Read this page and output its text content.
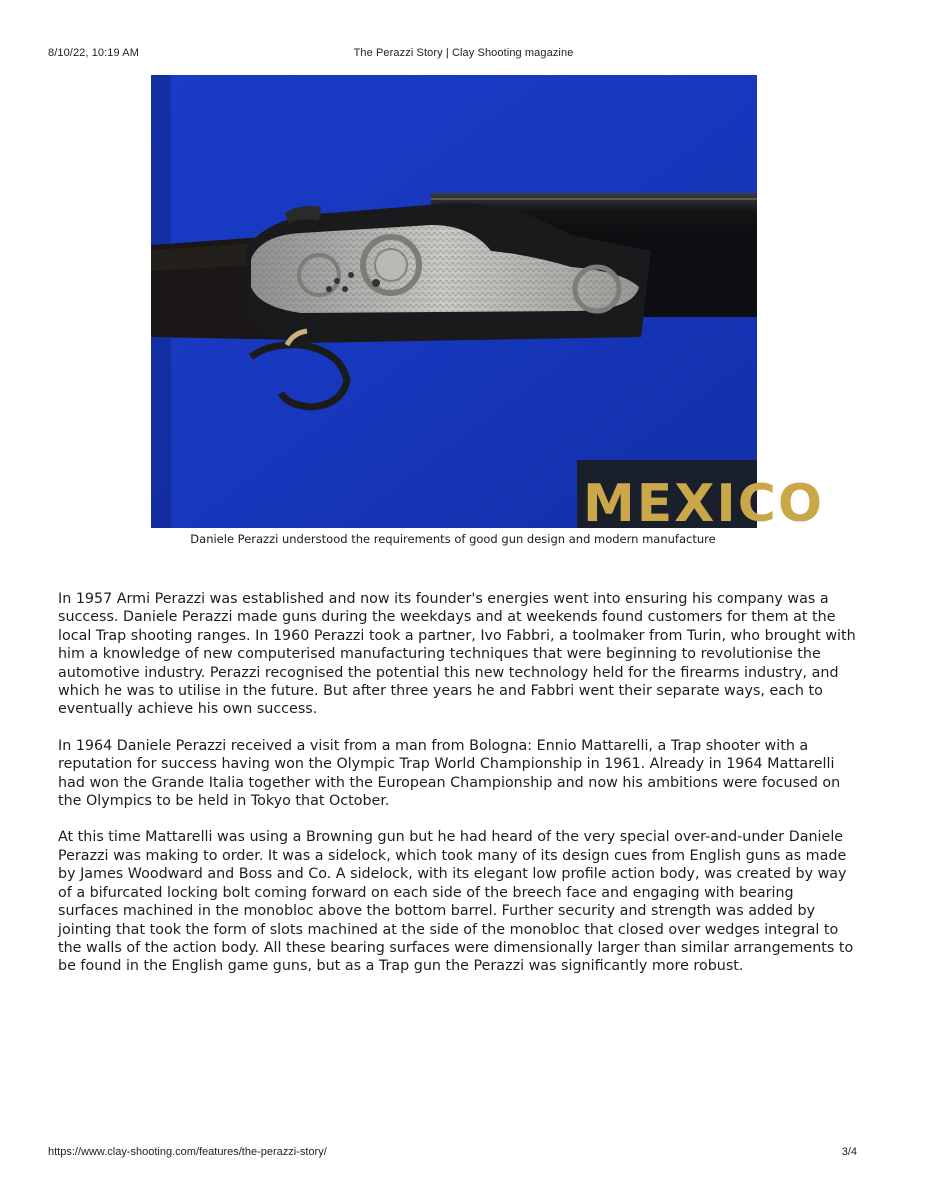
8/10/22, 10:19 AM	The Perazzi Story | Clay Shooting magazine
MEXICO
Daniele Perazzi understood the requirements of good gun design and modern manufacture

In 1957 Armi Perazzi was established and now its founder's energies went into ensuring his company was a success. Daniele Perazzi made guns during the weekdays and at weekends found customers for them at the local Trap shooting ranges. In 1960 Perazzi took a partner, Ivo Fabbri, a toolmaker from Turin, who brought with him a knowledge of new computerised manufacturing techniques that were beginning to revolutionise the automotive industry. Perazzi recognised the potential this new technology held for the firearms industry, and which he was to utilise in the future. But after three years he and Fabbri went their separate ways, each to eventually achieve his own success.

In 1964 Daniele Perazzi received a visit from a man from Bologna: Ennio Mattarelli, a Trap shooter with a reputation for success having won the Olympic Trap World Championship in 1961. Already in 1964 Mattarelli had won the Grande Italia together with the European Championship and now his ambitions were focused on the Olympics to be held in Tokyo that October.

At this time Mattarelli was using a Browning gun but he had heard of the very special over-and-under Daniele Perazzi was making to order. It was a sidelock, which took many of its design cues from English guns as made by James Woodward and Boss and Co. A sidelock, with its elegant low profile action body, was created by way of a bifurcated locking bolt coming forward on each side of the breech face and engaging with bearing surfaces machined in the monobloc above the bottom barrel. Further security and strength was added by jointing that took the form of slots machined at the side of the monobloc that closed over wedges integral to the walls of the action body. All these bearing surfaces were dimensionally larger than similar arrangements to be found in the English game guns, but as a Trap gun the Perazzi was significantly more robust.

https://www.clay-shooting.com/features/the-perazzi-story/	3/4
